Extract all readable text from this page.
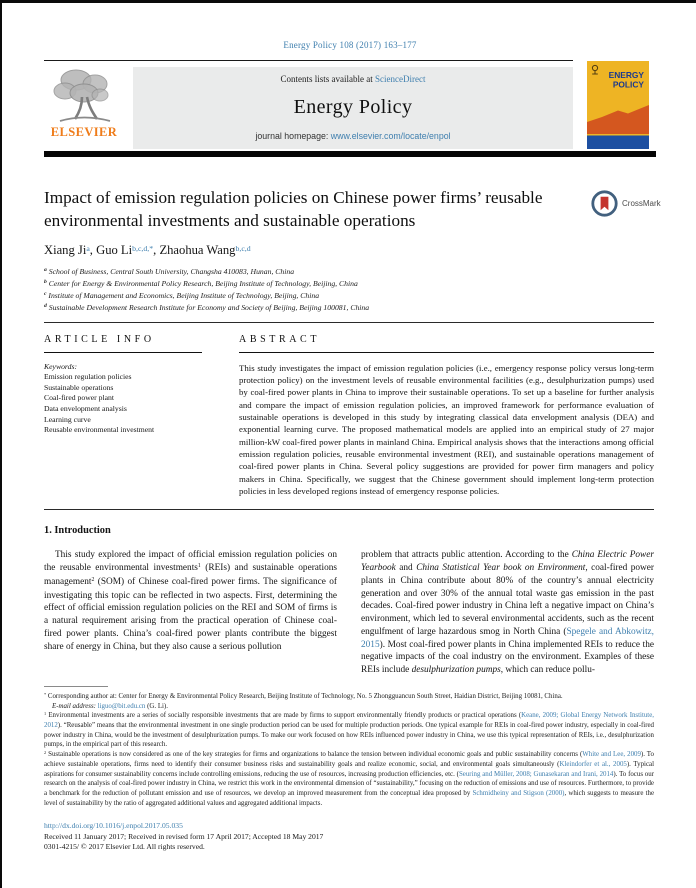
Energy Policy 108 (2017) 163–177
ELSEVIER
Contents lists available at ScienceDirect
Energy Policy
journal homepage: www.elsevier.com/locate/enpol
ENERGY
POLICY
Impact of emission regulation policies on Chinese power firms’ reusable environmental investments and sustainable operations
CrossMark
Xiang Ji$^a$, Guo $Li^{b,c,d,*}$, Zhaohua Wang$^{b,c,d}$
$^a$ School of Business, Central South University, Changsha 410083, Hunan, China
$^b$ Center for Energy & Environmental Policy Research, Beijing Institute of Technology, Beijing, China
$^c$ Institute of Management and Economics, Beijing Institute of Technology, Beijing, China
$^d$ Sustainable Development Research Institute for Economy and Society of Beijing, Beijing 100081, China
ARTICLE INFO
Keywords:
Emission regulation policies
Sustainable operations
Coal-fired power plant
Data envelopment analysis
Learning curve
Reusable environmental investment
ABSTRACT
This study investigates the impact of emission regulation policies (i.e., emergency response policy versus long-term protection policy) on the investment levels of reusable environmental facilities (e.g., desulphurization pumps) used by coal-fired power plants in China to improve their sustainable operations. To set up a baseline for further analysis and compare the impact of emission regulation policies, an improved framework for performance evaluation of sustainable operations is developed in this study by integrating classical data envelopment analysis (DEA) and exponential learning curve. The proposed mathematical models are applied into an empirical study of 27 major million-kW coal-fired power plants in mainland China. Empirical analysis shows that the interactions among official emission regulation policies, reusable environmental investment (REI), and sustainable operations management of coal-fired power plants in China. Several policy suggestions are provided for power firm managers and policy makers in China. Specifically, we suggest that the Chinese government should implement long-term protection policies in less developed regions instead of emergency response policies.
1. Introduction
This study explored the impact of official emission regulation policies on the reusable environmental investments$^1$ (REIs) and sustainable operations management$^2$ (SOM) of Chinese coal-fired power firms. The significance of investigating this topic can be reflected in two aspects. First, determining the effect of official emission regulation policies on the REI and SOM of firms is a natural requirement arising from the practical operation of Chinese coal-fired power plants. China’s coal-fired power plants contribute the biggest share of energy in China, but they also cause a serious pollution
problem that attracts public attention. According to the China Electric Power Yearbook and China Statistical Year book on Environment, coal-fired power plants in China contribute about 80% of the country’s annual electricity generation and over 30% of the annual total waste gas emission in the past decades. Coal-fired power industry in China left a negative impact on China’s environment, which led to several environmental accidents, such as the recent engulfment of large hazardous smog in North China (Spegele and Abkowitz, 2015). Most coal-fired power plants in China implemented REIs to reduce the negative impacts of the coal industry on the environment. Examples of these REIs include desulphurization pumps, which can reduce pollu-
* Corresponding author at: Center for Energy & Environmental Policy Research, Beijing Institute of Technology, No. 5 Zhongguancun South Street, Haidian District, Beijing 10081, China.
E-mail address: liguo@bit.edu.cn (G. Li).
$^1$ Environmental investments are a series of socially responsible investments that are made by firms to support environmentally friendly products or practical operations (Keane, 2009; Global Energy Network Institute, 2012). “Reusable” means that the environmental investment in one single production period can be used for multiple production periods. One typical example for REIs in coal-fired power industry, especially in coal-fired power industry in China, would be the investment of desulphurization pumps. To make our work focused on how REIs influenced power industry in China, we use this typical representation of REIs, i.e., desulphurization pumps, in the empirical part of this research.
$^2$ Sustainable operations is now considered as one of the key strategies for firms and organizations to balance the tension between individual economic goals and public sustainability concerns (White and Lee, 2009). To achieve sustainable operations, firms need to identify their consumer business risks and sustainability goals and realize economic, social, and environmental goals simultaneously (Kleindorfer et al., 2005). Typical aspirations for consumer sustainability concerns include controlling emissions, reducing the use of resources, increasing production efficiencies, etc. (Seuring and Müller, 2008; Gunasekaran and Irani, 2014). To focus our research on the analysis of coal-fired power industry in China, we restrict this work in the environmental dimension of “sustainability,” focusing on the reduction of emissions and use of resources. Furthermore, to provide a benchmark for the reduction of pollutant emission and use of resources, we develop an improved measurement from the conceptual idea proposed by Schmidheiny and Stigson (2000), which suggests to measure the level of sustainability by the ratio of aggregated additional values and aggregated additional impacts.
http://dx.doi.org/10.1016/j.enpol.2017.05.035
Received 11 January 2017; Received in revised form 17 April 2017; Accepted 18 May 2017
0301-4215/ © 2017 Elsevier Ltd. All rights reserved.
